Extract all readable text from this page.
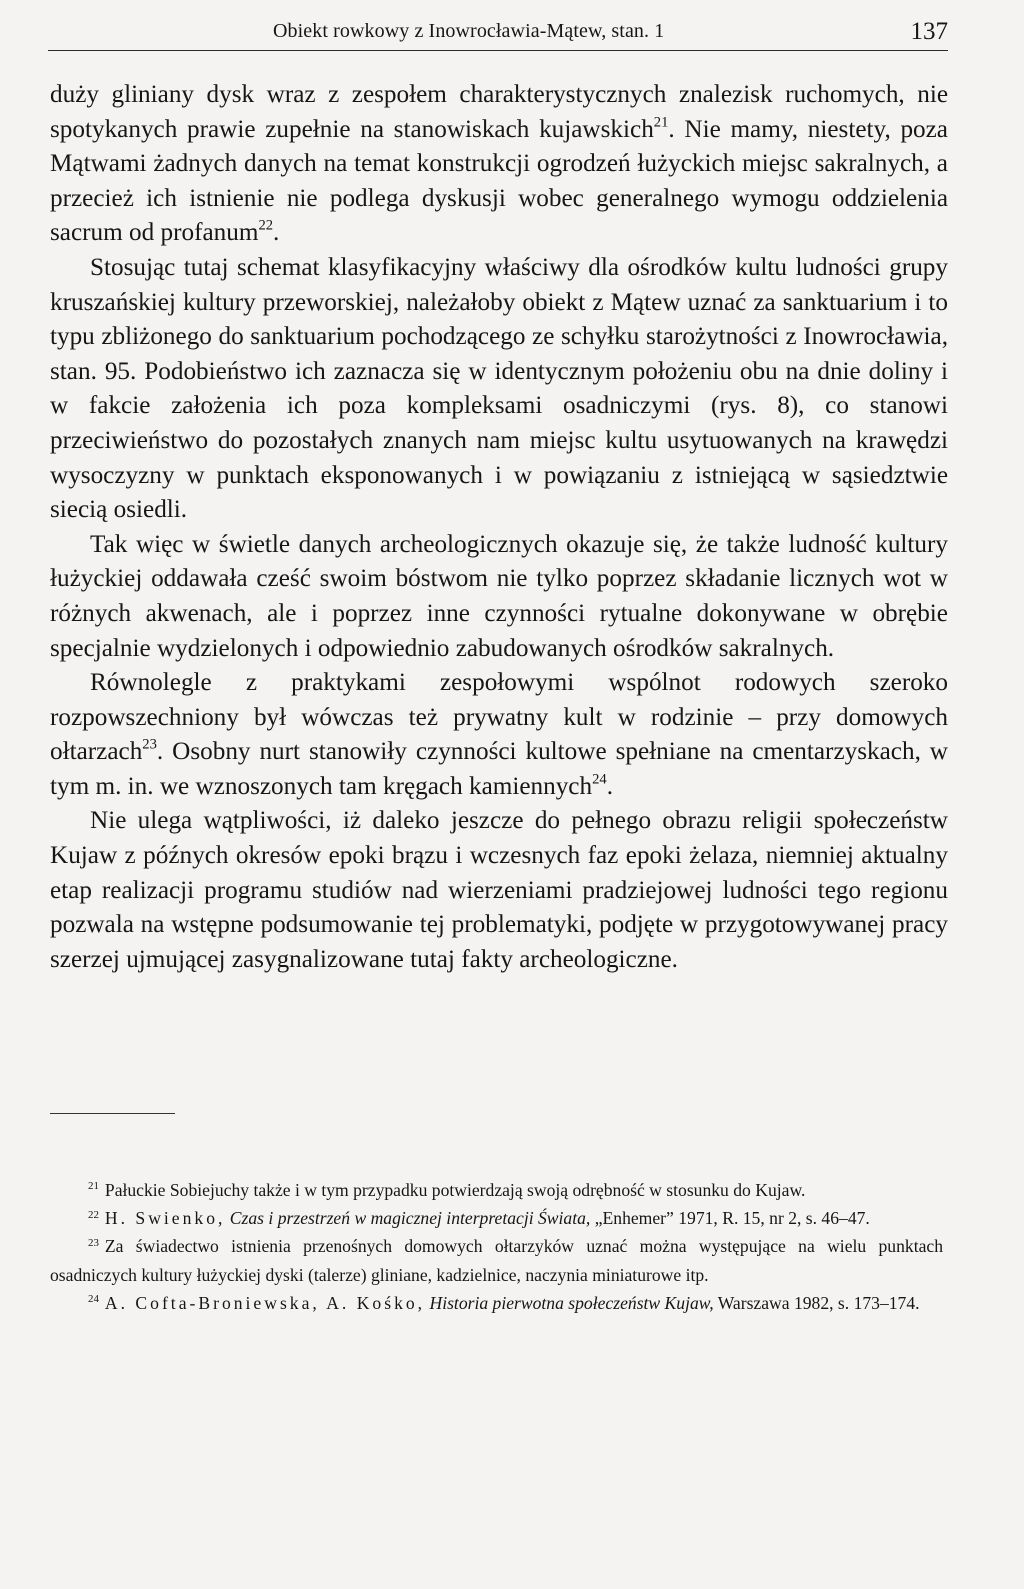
Obiekt rowkowy z Inowrocławia-Mątew, stan. 1	137

duży gliniany dysk wraz z zespołem charakterystycznych znalezisk ruchomych, nie spotykanych prawie zupełnie na stanowiskach kujawskich$^{21}$. Nie mamy, niestety, poza Mątwami żadnych danych na temat konstrukcji ogrodzeń łużyckich miejsc sakralnych, a przecież ich istnienie nie podlega dyskusji wobec generalnego wymogu oddzielenia sacrum od profanum$^{22}$.

Stosując tutaj schemat klasyfikacyjny właściwy dla ośrodków kultu ludności grupy kruszańskiej kultury przeworskiej, należałoby obiekt z Mątew uznać za sanktuarium i to typu zbliżonego do sanktuarium pochodzącego ze schyłku starożytności z Inowrocławia, stan. 95. Podobieństwo ich zaznacza się w identycznym położeniu obu na dnie doliny i w fakcie założenia ich poza kompleksami osadniczymi (rys. 8), co stanowi przeciwieństwo do pozostałych znanych nam miejsc kultu usytuowanych na krawędzi wysoczyzny w punktach eksponowanych i w powiązaniu z istniejącą w sąsiedztwie siecią osiedli.

Tak więc w świetle danych archeologicznych okazuje się, że także ludność kultury łużyckiej oddawała cześć swoim bóstwom nie tylko poprzez składanie licznych wot w różnych akwenach, ale i poprzez inne czynności rytualne dokonywane w obrębie specjalnie wydzielonych i odpowiednio zabudowanych ośrodków sakralnych.

Równolegle z praktykami zespołowymi wspólnot rodowych szeroko rozpowszechniony był wówczas też prywatny kult w rodzinie – przy domowych ołtarzach$^{23}$. Osobny nurt stanowiły czynności kultowe spełniane na cmentarzyskach, w tym m. in. we wznoszonych tam kręgach kamiennych$^{24}$.

Nie ulega wątpliwości, iż daleko jeszcze do pełnego obrazu religii społeczeństw Kujaw z późnych okresów epoki brązu i wczesnych faz epoki żelaza, niemniej aktualny etap realizacji programu studiów nad wierzeniami pradziejowej ludności tego regionu pozwala na wstępne podsumowanie tej problematyki, podjęte w przygotowywanej pracy szerzej ujmującej zasygnalizowane tutaj fakty archeologiczne.

$^{21}$ Pałuckie Sobiejuchy także i w tym przypadku potwierdzają swoją odrębność w stosunku do Kujaw.

$^{22}$ H. Swienko, Czas i przestrzeń w magicznej interpretacji Świata, „Enhemer” 1971, R. 15, nr 2, s. 46–47.

$^{23}$ Za świadectwo istnienia przenośnych domowych ołtarzyków uznać można występujące na wielu punktach osadniczych kultury łużyckiej dyski (talerze) gliniane, kadzielnice, naczynia miniaturowe itp.

$^{24}$ A. Cofta-Broniewska, A. Kośko, Historia pierwotna społeczeństw Kujaw, Warszawa 1982, s. 173–174.
